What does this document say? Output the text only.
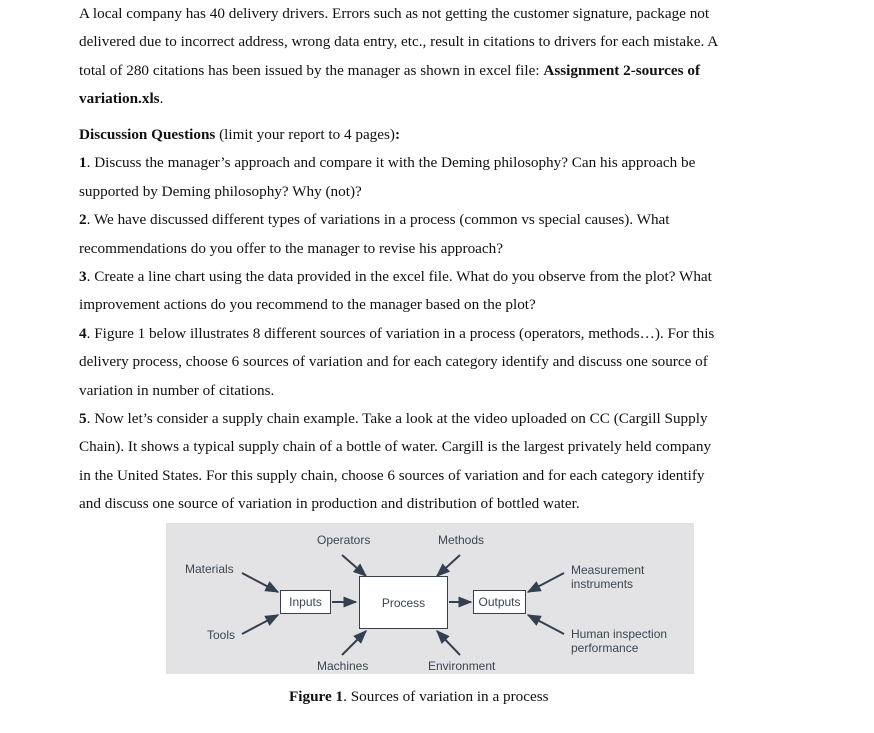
A local company has 40 delivery drivers. Errors such as not getting the customer signature, package not
delivered due to incorrect address, wrong data entry, etc., result in citations to drivers for each mistake. A
total of 280 citations has been issued by the manager as shown in excel file: Assignment 2-sources of
variation.xls.
Discussion Questions (limit your report to 4 pages):
1. Discuss the manager’s approach and compare it with the Deming philosophy? Can his approach be
supported by Deming philosophy? Why (not)?
2. We have discussed different types of variations in a process (common vs special causes). What
recommendations do you offer to the manager to revise his approach?
3. Create a line chart using the data provided in the excel file. What do you observe from the plot? What
improvement actions do you recommend to the manager based on the plot?
4. Figure 1 below illustrates 8 different sources of variation in a process (operators, methods…). For this
delivery process, choose 6 sources of variation and for each category identify and discuss one source of
variation in number of citations.
5. Now let’s consider a supply chain example. Take a look at the video uploaded on CC (Cargill Supply
Chain). It shows a typical supply chain of a bottle of water. Cargill is the largest privately held company
in the United States. For this supply chain, choose 6 sources of variation and for each category identify
and discuss one source of variation in production and distribution of bottled water.
Operators	Methods
Materials
Tools
Machines	Environment
Measurement
instruments
Human inspection
performance
Inputs	Process	Outputs
Figure 1. Sources of variation in a process
